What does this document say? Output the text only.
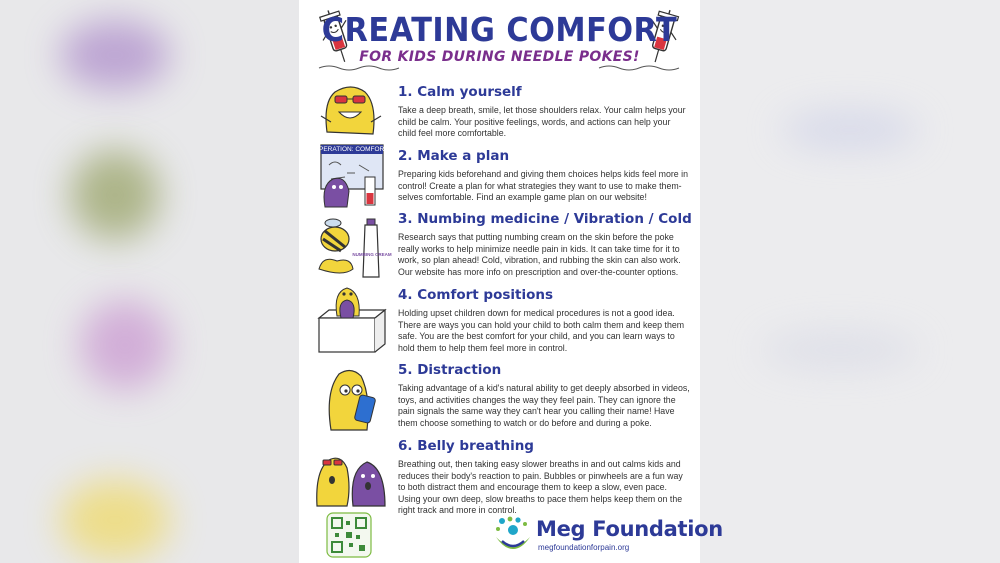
CREATING COMFORT
FOR KIDS DURING NEEDLE POKES!

1. Calm yourself

Take a deep breath, smile, let those shoulders relax. Your calm helps your child be calm. Your positive feelings, words, and actions can help your child feel more comfortable.

OPERATION: COMFORT 2. Make a plan

Preparing kids beforehand and giving them choices helps kids feel more in control! Create a plan for what strategies they want to use to make them-selves comfortable. Find an example game plan on our website!

NUMBING CREAM

3. Numbing medicine / Vibration / Cold

Research says that putting numbing cream on the skin before the poke really works to help minimize needle pain in kids. It can take time for it to work, so plan ahead! Cold, vibration, and rubbing the skin can also work. Our website has more info on prescription and over-the-counter options.

4. Comfort positions

Holding upset children down for medical procedures is not a good idea. There are ways you can hold your child to both calm them and keep them safe. You are the best comfort for your child, and you can learn ways to hold them to help them feel more in control.

5. Distraction

Taking advantage of a kid's natural ability to get deeply absorbed in videos, toys, and activities changes the way they feel pain. They can ignore the pain signals the same way they can't hear you calling their name! Have them choose something to watch or do before and during a poke.

6. Belly breathing

Breathing out, then taking easy slower breaths in and out calms kids and reduces their body's reaction to pain. Bubbles or pinwheels are a fun way to both distract them and encourage them to keep a slow, even pace. Using your own deep, slow breaths to pace them helps keep them on the right track and more in control.

Meg Foundation
megfoundationforpain.org
